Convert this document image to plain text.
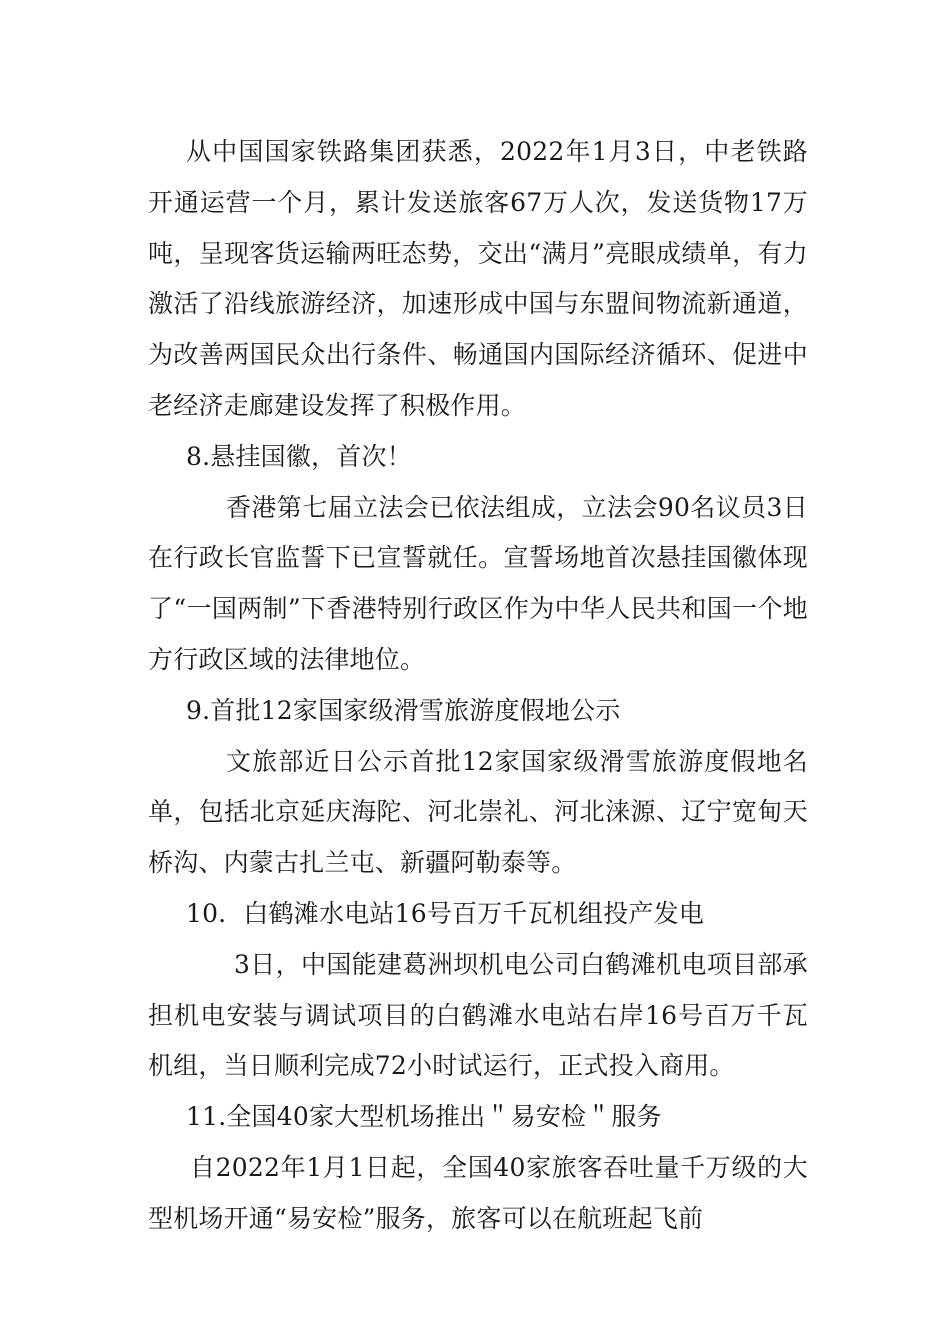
从中国国家铁路集团获悉，2022年1月3日，中老铁路开通运营一个月，累计发送旅客67万人次，发送货物17万吨，呈现客货运输两旺态势，交出“满月”亮眼成绩单，有力激活了沿线旅游经济，加速形成中国与东盟间物流新通道，为改善两国民众出行条件、畅通国内国际经济循环、促进中老经济走廊建设发挥了积极作用。

8.悬挂国徽，首次！

香港第七届立法会已依法组成，立法会90名议员3日在行政长官监誓下已宣誓就任。宣誓场地首次悬挂国徽体现了“一国两制”下香港特别行政区作为中华人民共和国一个地方行政区域的法律地位。

9.首批12家国家级滑雪旅游度假地公示

文旅部近日公示首批12家国家级滑雪旅游度假地名单，包括北京延庆海陀、河北崇礼、河北涞源、辽宁宽甸天桥沟、内蒙古扎兰屯、新疆阿勒泰等。

10．白鹤滩水电站16号百万千瓦机组投产发电

3日，中国能建葛洲坝机电公司白鹤滩机电项目部承担机电安装与调试项目的白鹤滩水电站右岸16号百万千瓦机组，当日顺利完成72小时试运行，正式投入商用。

11.全国40家大型机场推出＂易安检＂服务

自2022年1月1日起，全国40家旅客吞吐量千万级的大型机场开通“易安检”服务，旅客可以在航班起飞前
